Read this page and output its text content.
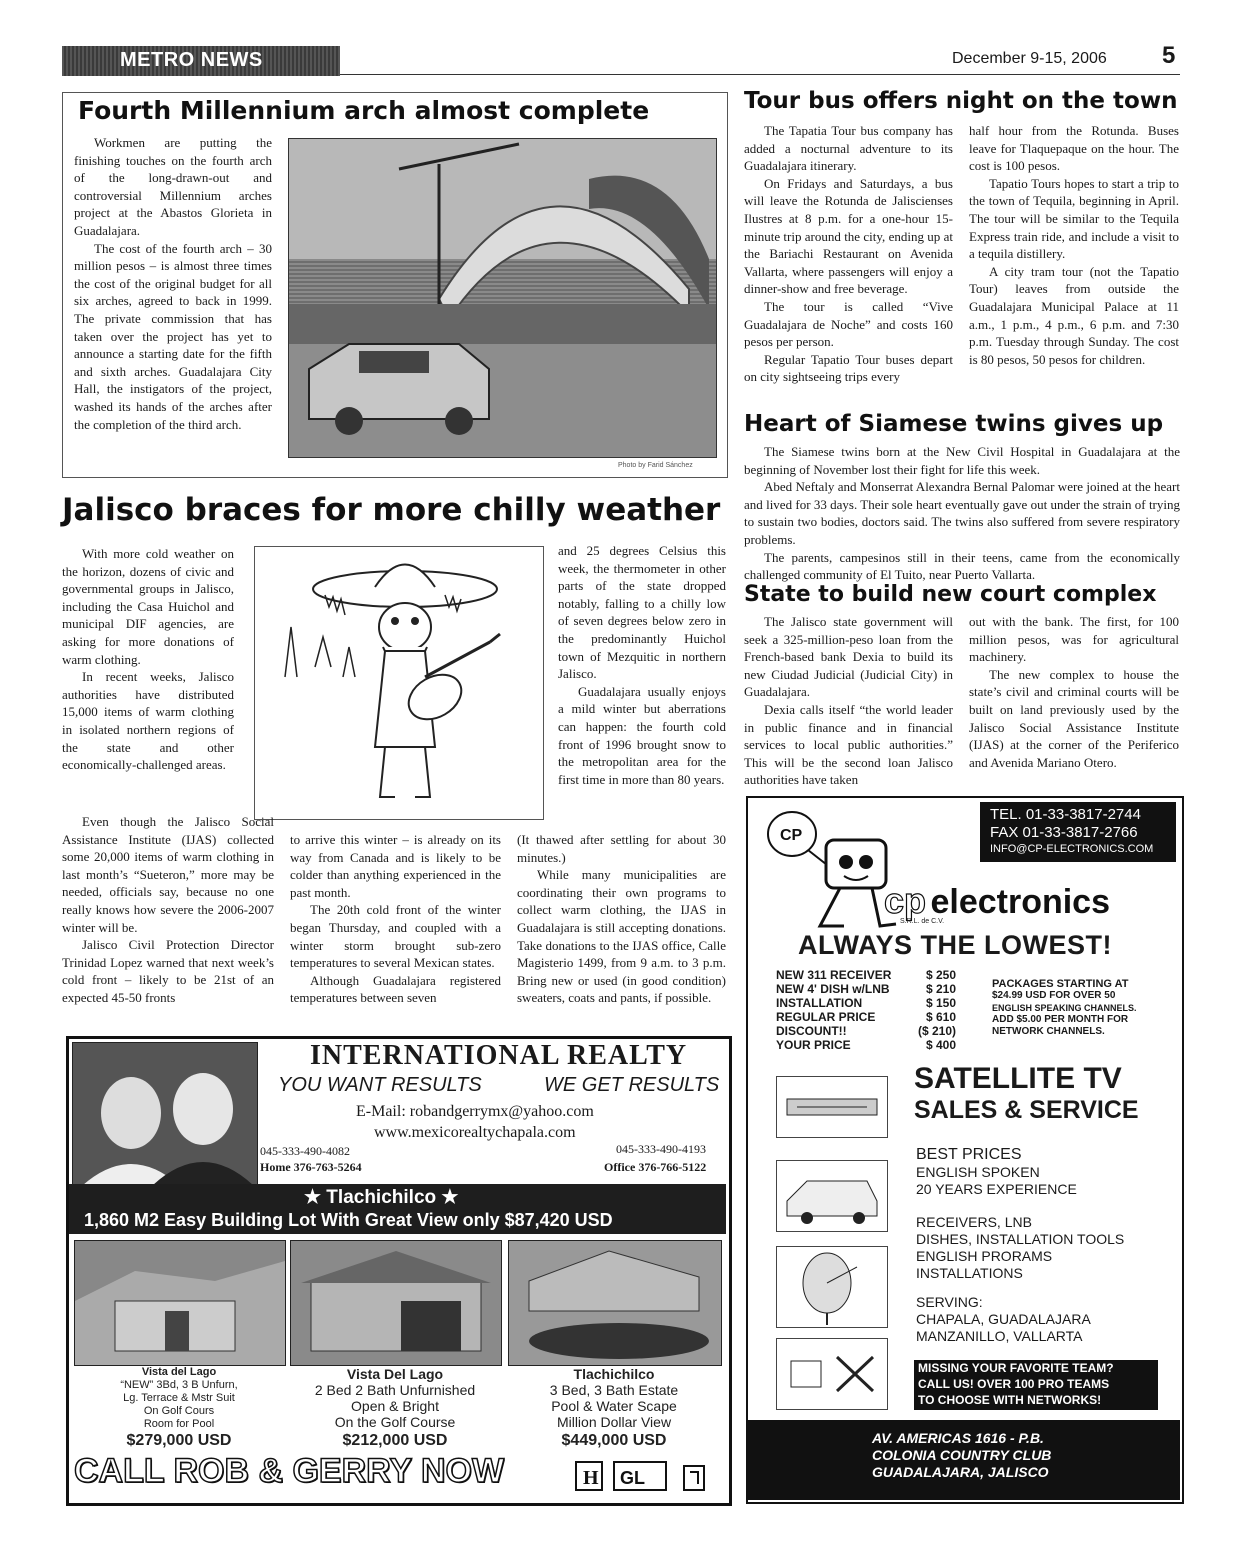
METRO NEWS	December 9-15, 2006 5
Fourth Millennium arch almost complete

Workmen are putting the finishing touches on the fourth arch of the long-drawn-out and controversial Millennium arches project at the Abastos Glorieta in Guadalajara.

The cost of the fourth arch – 30 million pesos – is almost three times the cost of the original budget for all six arches, agreed to back in 1999. The private commission that has taken over the project has yet to announce a starting date for the fifth and sixth arches. Guadalajara City Hall, the instigators of the project, washed its hands of the arches after the completion of the third arch.

Photo by Farid Sánchez
Tour bus offers night on the town

The Tapatia Tour bus company has added a nocturnal adventure to its Guadalajara itinerary.

On Fridays and Saturdays, a bus will leave the Rotunda de Jaliscienses Ilustres at 8 p.m. for a one-hour 15-minute trip around the city, ending up at the Bariachi Restaurant on Avenida Vallarta, where passengers will enjoy a dinner-show and free beverage.

The tour is called “Vive Guadalajara de Noche” and costs 160 pesos per person.

Regular Tapatio Tour buses depart on city sightseeing trips every

half hour from the Rotunda. Buses leave for Tlaquepaque on the hour. The cost is 100 pesos.

Tapatio Tours hopes to start a trip to the town of Tequila, beginning in April. The tour will be similar to the Tequila Express train ride, and include a visit to a tequila distillery.

A city tram tour (not the Tapatio Tour) leaves from outside the Guadalajara Municipal Palace at 11 a.m., 1 p.m., 4 p.m., 6 p.m. and 7:30 p.m. Tuesday through Sunday. The cost is 80 pesos, 50 pesos for children.

Heart of Siamese twins gives up

The Siamese twins born at the New Civil Hospital in Guadalajara at the beginning of November lost their fight for life this week.

Abed Neftaly and Monserrat Alexandra Bernal Palomar were joined at the heart and lived for 33 days. Their sole heart eventually gave out under the strain of trying to sustain two bodies, doctors said. The twins also suffered from severe respiratory problems.

The parents, campesinos still in their teens, came from the economically challenged community of El Tuito, near Puerto Vallarta.

State to build new court complex

The Jalisco state government will seek a 325-million-peso loan from the French-based bank Dexia to build its new Ciudad Judicial (Judicial City) in Guadalajara.

Dexia calls itself “the world leader in public finance and in financial services to local public authorities.” This will be the second loan Jalisco authorities have taken

out with the bank. The first, for 100 million pesos, was for agricultural machinery.

The new complex to house the state’s civil and criminal courts will be built on land previously used by the Jalisco Social Assistance Institute (IJAS) at the corner of the Periferico and Avenida Mariano Otero.

Jalisco braces for more chilly weather

With more cold weather on the horizon, dozens of civic and governmental groups in Jalisco, including the Casa Huichol and municipal DIF agencies, are asking for more donations of warm clothing.

In recent weeks, Jalisco authorities have distributed 15,000 items of warm clothing in isolated northern regions of the state and other economically-challenged areas.

and 25 degrees Celsius this week, the thermometer in other parts of the state dropped notably, falling to a chilly low of seven degrees below zero in the predominantly Huichol town of Mezquitic in northern Jalisco.

Guadalajara usually enjoys a mild winter but aberrations can happen: the fourth cold front of 1996 brought snow to the metropolitan area for the first time in more than 80 years.

Even though the Jalisco Social Assistance Institute (IJAS) collected some 20,000 items of warm clothing in last month’s “Sueteron,” more may be needed, officials say, because no one really knows how severe the 2006-2007 winter will be.

Jalisco Civil Protection Director Trinidad Lopez warned that next week’s cold front – likely to be 21st of an expected 45-50 fronts

to arrive this winter – is already on its way from Canada and is likely to be colder than anything experienced in the past month.

The 20th cold front of the winter began Thursday, and coupled with a winter storm brought sub-zero temperatures to several Mexican states.

Although Guadalajara registered temperatures between seven

(It thawed after settling for about 30 minutes.)

While many municipalities are coordinating their own programs to collect warm clothing, the IJAS in Guadalajara is still accepting donations. Take donations to the IJAS office, Calle Magisterio 1499, from 9 a.m. to 3 p.m. Bring new or used (in good condition) sweaters, coats and pants, if possible.

INTERNATIONAL REALTY
YOU WANT RESULTS	WE GET RESULTS
E-Mail: robandgerrymx@yahoo.com
www.mexicorealtychapala.com
045-333-490-4082
Home 376-763-5264
045-333-490-4193
Office 376-766-5122
★ Tlachichilco ★
1,860 M2 Easy Building Lot With Great View only $87,420 USD
Vista del Lago
“NEW” 3Bd, 3 B Unfurn,
Lg. Terrace & Mstr Suit
On Golf Cours
Room for Pool
$279,000 USD
Vista Del Lago
2 Bed 2 Bath Unfurnished
Open & Bright
On the Golf Course
$212,000 USD
Tlachichilco
3 Bed, 3 Bath Estate
Pool & Water Scape
Million Dollar View
$449,000 USD
CALL ROB & GERRY NOW	H GL
TEL. 01-33-3817-2744
FAX 01-33-3817-2766
INFO@CP-ELECTRONICS.COM
CP
cp electronics
S.R.L. de C.V.
ALWAYS THE LOWEST!
NEW 311 RECEIVER	$ 250
NEW 4' DISH w/LNB	$ 210
INSTALLATION	$ 150
REGULAR PRICE	$ 610
DISCOUNT!!	($ 210)
YOUR PRICE	$ 400
PACKAGES STARTING AT
$24.99 USD FOR OVER 50
ENGLISH SPEAKING CHANNELS.
ADD $5.00 PER MONTH FOR
NETWORK CHANNELS.
SATELLITE TV
SALES & SERVICE
BEST PRICES
ENGLISH SPOKEN
20 YEARS EXPERIENCE
RECEIVERS, LNB
DISHES, INSTALLATION TOOLS
ENGLISH PRORAMS
INSTALLATIONS
SERVING:
CHAPALA, GUADALAJARA
MANZANILLO, VALLARTA
MISSING YOUR FAVORITE TEAM?
CALL US! OVER 100 PRO TEAMS
TO CHOOSE WITH NETWORKS!
AV. AMERICAS 1616 - P.B.
COLONIA COUNTRY CLUB
GUADALAJARA, JALISCO
